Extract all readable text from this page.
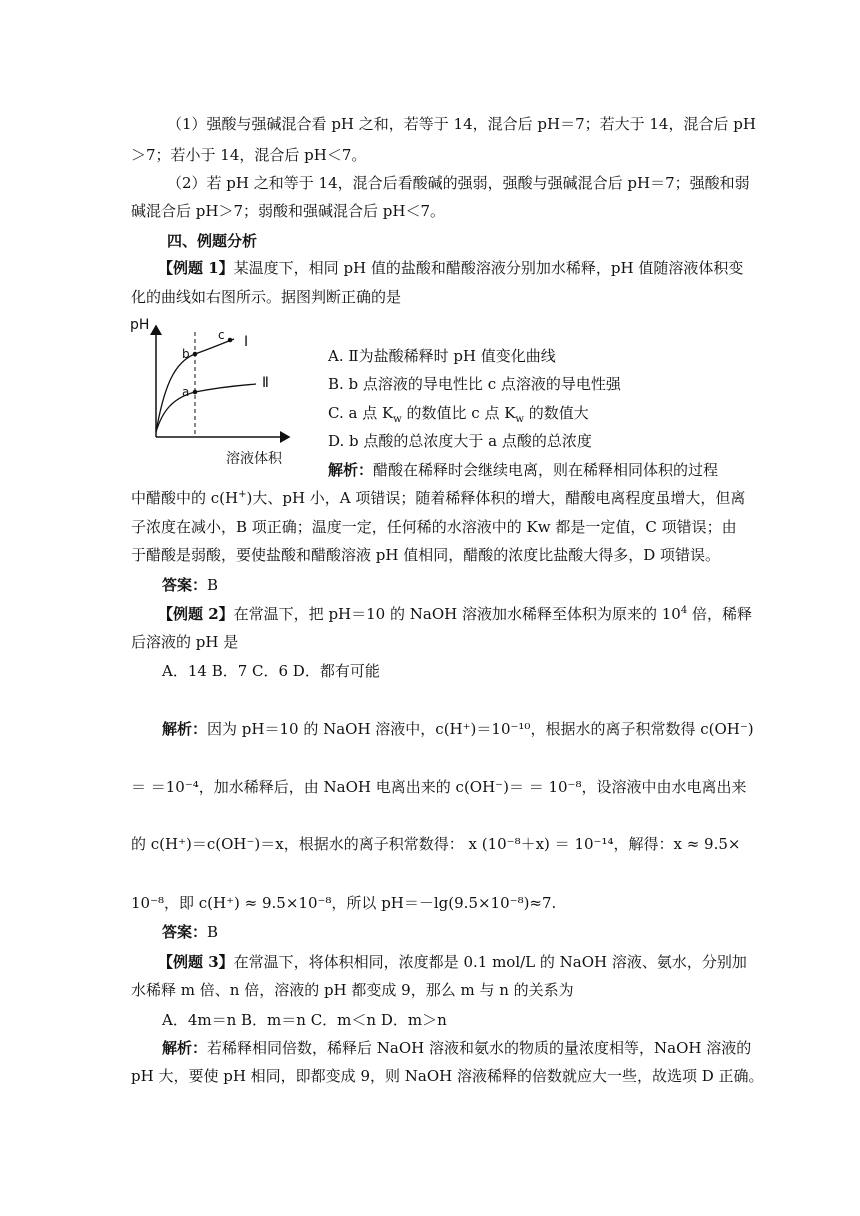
（1）强酸与强碱混合看 pH 之和，若等于 14，混合后 pH＝7；若大于 14，混合后 pH
＞7；若小于 14，混合后 pH＜7。
（2）若 pH 之和等于 14，混合后看酸碱的强弱，强酸与强碱混合后 pH＝7；强酸和弱
碱混合后 pH＞7；弱酸和强碱混合后 pH＜7。
四、例题分析
【例题 1】某温度下，相同 pH 值的盐酸和醋酸溶液分别加水稀释，pH 值随溶液体积变
化的曲线如右图所示。据图判断正确的是
pH
溶液体积
b
a
c Ⅰ
Ⅱ
A. Ⅱ为盐酸稀释时 pH 值变化曲线
B. b 点溶液的导电性比 c 点溶液的导电性强
C. a 点 $K_w$ 的数值比 c 点 $K_w$ 的数值大
D. b 点酸的总浓度大于 a 点酸的总浓度
解析：醋酸在稀释时会继续电离，则在稀释相同体积的过程
中醋酸中的 c(H+)大、pH 小，A 项错误；随着稀释体积的增大，醋酸电离程度虽增大，但离
子浓度在减小，B 项正确；温度一定，任何稀的水溶液中的 Kw 都是一定值，C 项错误；由
于醋酸是弱酸，要使盐酸和醋酸溶液 pH 值相同，醋酸的浓度比盐酸大得多，D 项错误。
答案：B
【例题 2】在常温下，把 pH＝10 的 NaOH 溶液加水稀释至体积为原来的 $10^4$ 倍，稀释
后溶液的 pH 是
A．14 B．7 C．6 D．都有可能
解析：因为 pH＝10 的 NaOH 溶液中，c(H⁺)＝10⁻¹⁰，根据水的离子积常数得 c(OH⁻)
＝ ＝10⁻⁴，加水稀释后，由 NaOH 电离出来的 c(OH⁻)＝ ＝ 10⁻⁸，设溶液中由水电离出来
的 c(H⁺)＝c(OH⁻)＝x，根据水的离子积常数得： x (10⁻⁸＋x) ＝ 10⁻¹⁴，解得：x ≈ 9.5×
10⁻⁸，即 c(H⁺) ≈ 9.5×10⁻⁸，所以 pH＝－lg(9.5×10⁻⁸)≈7.
答案：B
【例题 3】在常温下，将体积相同，浓度都是 0.1 mol/L 的 NaOH 溶液、氨水，分别加
水稀释 m 倍、n 倍，溶液的 pH 都变成 9，那么 m 与 n 的关系为
A．4m＝n B．m＝n C．m＜n D．m＞n
解析：若稀释相同倍数，稀释后 NaOH 溶液和氨水的物质的量浓度相等，NaOH 溶液的
pH 大，要使 pH 相同，即都变成 9，则 NaOH 溶液稀释的倍数就应大一些，故选项 D 正确。
